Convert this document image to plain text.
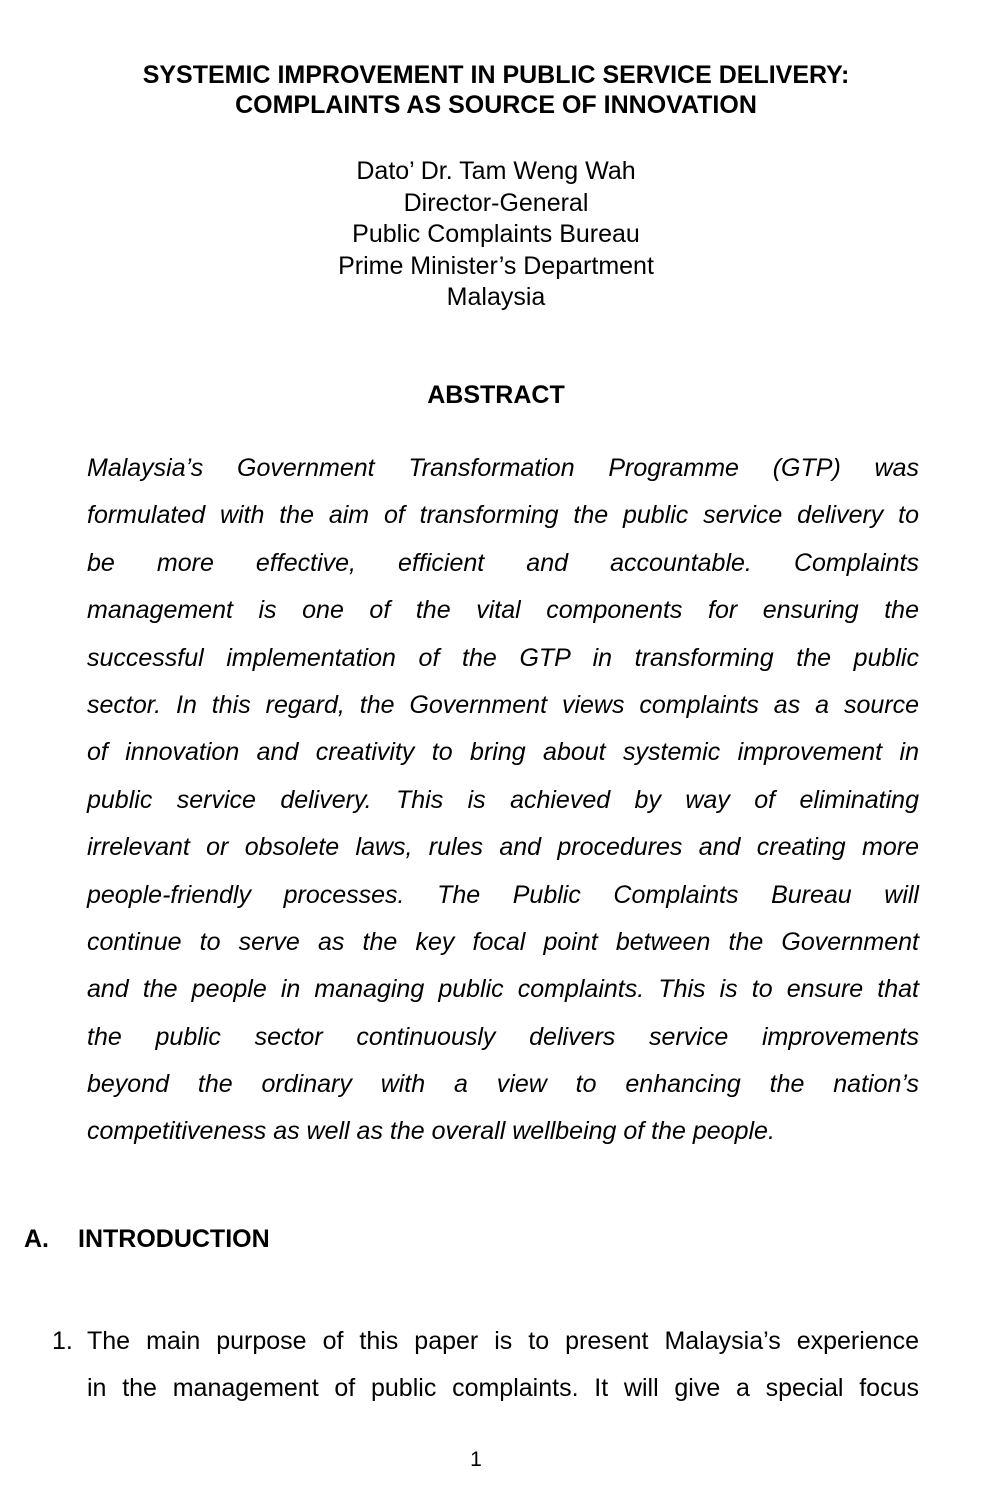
SYSTEMIC IMPROVEMENT IN PUBLIC SERVICE DELIVERY:
COMPLAINTS AS SOURCE OF INNOVATION
Dato’ Dr. Tam Weng Wah
Director-General
Public Complaints Bureau
Prime Minister’s Department
Malaysia
ABSTRACT
Malaysia’s Government Transformation Programme (GTP) was
formulated with the aim of transforming the public service delivery to
be more effective, efficient and accountable. Complaints
management is one of the vital components for ensuring the
successful implementation of the GTP in transforming the public
sector. In this regard, the Government views complaints as a source
of innovation and creativity to bring about systemic improvement in
public service delivery. This is achieved by way of eliminating
irrelevant or obsolete laws, rules and procedures and creating more
people-friendly processes. The Public Complaints Bureau will
continue to serve as the key focal point between the Government
and the people in managing public complaints. This is to ensure that
the public sector continuously delivers service improvements
beyond the ordinary with a view to enhancing the nation’s
competitiveness as well as the overall wellbeing of the people.
A. INTRODUCTION
1. The main purpose of this paper is to present Malaysia’s experience
in the management of public complaints. It will give a special focus
1
